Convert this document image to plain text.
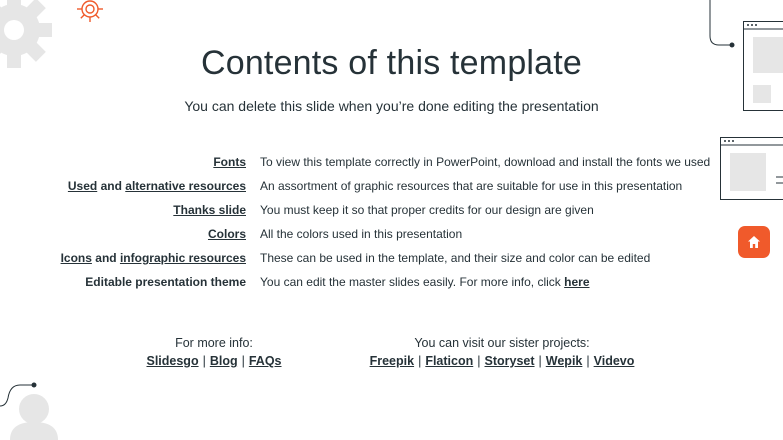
Contents of this template
You can delete this slide when you’re done editing the presentation
Fonts To view this template correctly in PowerPoint, download and install the fonts we used
Used and alternative resources An assortment of graphic resources that are suitable for use in this presentation
Thanks slide You must keep it so that proper credits for our design are given
Colors All the colors used in this presentation
Icons and infographic resources These can be used in the template, and their size and color can be edited
Editable presentation theme You can edit the master slides easily. For more info, click here
For more info:
Slidesgo | Blog | FAQs
You can visit our sister projects:
Freepik | Flaticon | Storyset | Wepik | Videvo
